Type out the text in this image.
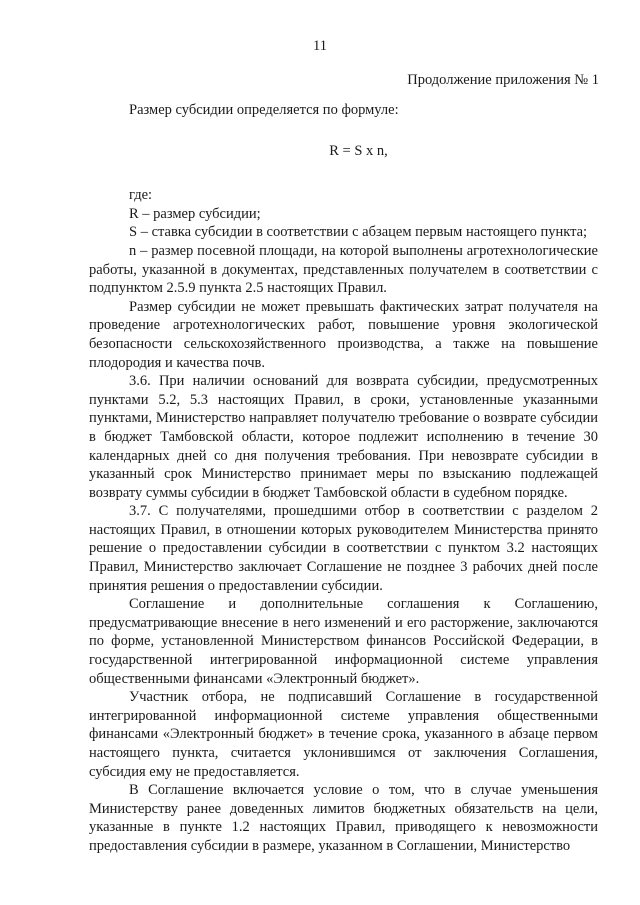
11
Продолжение приложения № 1

Размер субсидии определяется по формуле:

R = S x n,

где:

R – размер субсидии;

S – ставка субсидии в соответствии с абзацем первым настоящего пункта;

n – размер посевной площади, на которой выполнены агротехнологические работы, указанной в документах, представленных получателем в соответствии с подпунктом 2.5.9 пункта 2.5 настоящих Правил.

Размер субсидии не может превышать фактических затрат получателя на проведение агротехнологических работ, повышение уровня экологической безопасности сельскохозяйственного производства, а также на повышение плодородия и качества почв.

3.6. При наличии оснований для возврата субсидии, предусмотренных пунктами 5.2, 5.3 настоящих Правил, в сроки, установленные указанными пунктами, Министерство направляет получателю требование о возврате субсидии в бюджет Тамбовской области, которое подлежит исполнению в течение 30 календарных дней со дня получения требования. При невозврате субсидии в указанный срок Министерство принимает меры по взысканию подлежащей возврату суммы субсидии в бюджет Тамбовской области в судебном порядке.

3.7. С получателями, прошедшими отбор в соответствии с разделом 2 настоящих Правил, в отношении которых руководителем Министерства принято решение о предоставлении субсидии в соответствии с пунктом 3.2 настоящих Правил, Министерство заключает Соглашение не позднее 3 рабочих дней после принятия решения о предоставлении субсидии.

Соглашение и дополнительные соглашения к Соглашению, предусматривающие внесение в него изменений и его расторжение, заключаются по форме, установленной Министерством финансов Российской Федерации, в государственной интегрированной информационной системе управления общественными финансами «Электронный бюджет».

Участник отбора, не подписавший Соглашение в государственной интегрированной информационной системе управления общественными финансами «Электронный бюджет» в течение срока, указанного в абзаце первом настоящего пункта, считается уклонившимся от заключения Соглашения, субсидия ему не предоставляется.

В Соглашение включается условие о том, что в случае уменьшения Министерству ранее доведенных лимитов бюджетных обязательств на цели, указанные в пункте 1.2 настоящих Правил, приводящего к невозможности предоставления субсидии в размере, указанном в Соглашении, Министерство
